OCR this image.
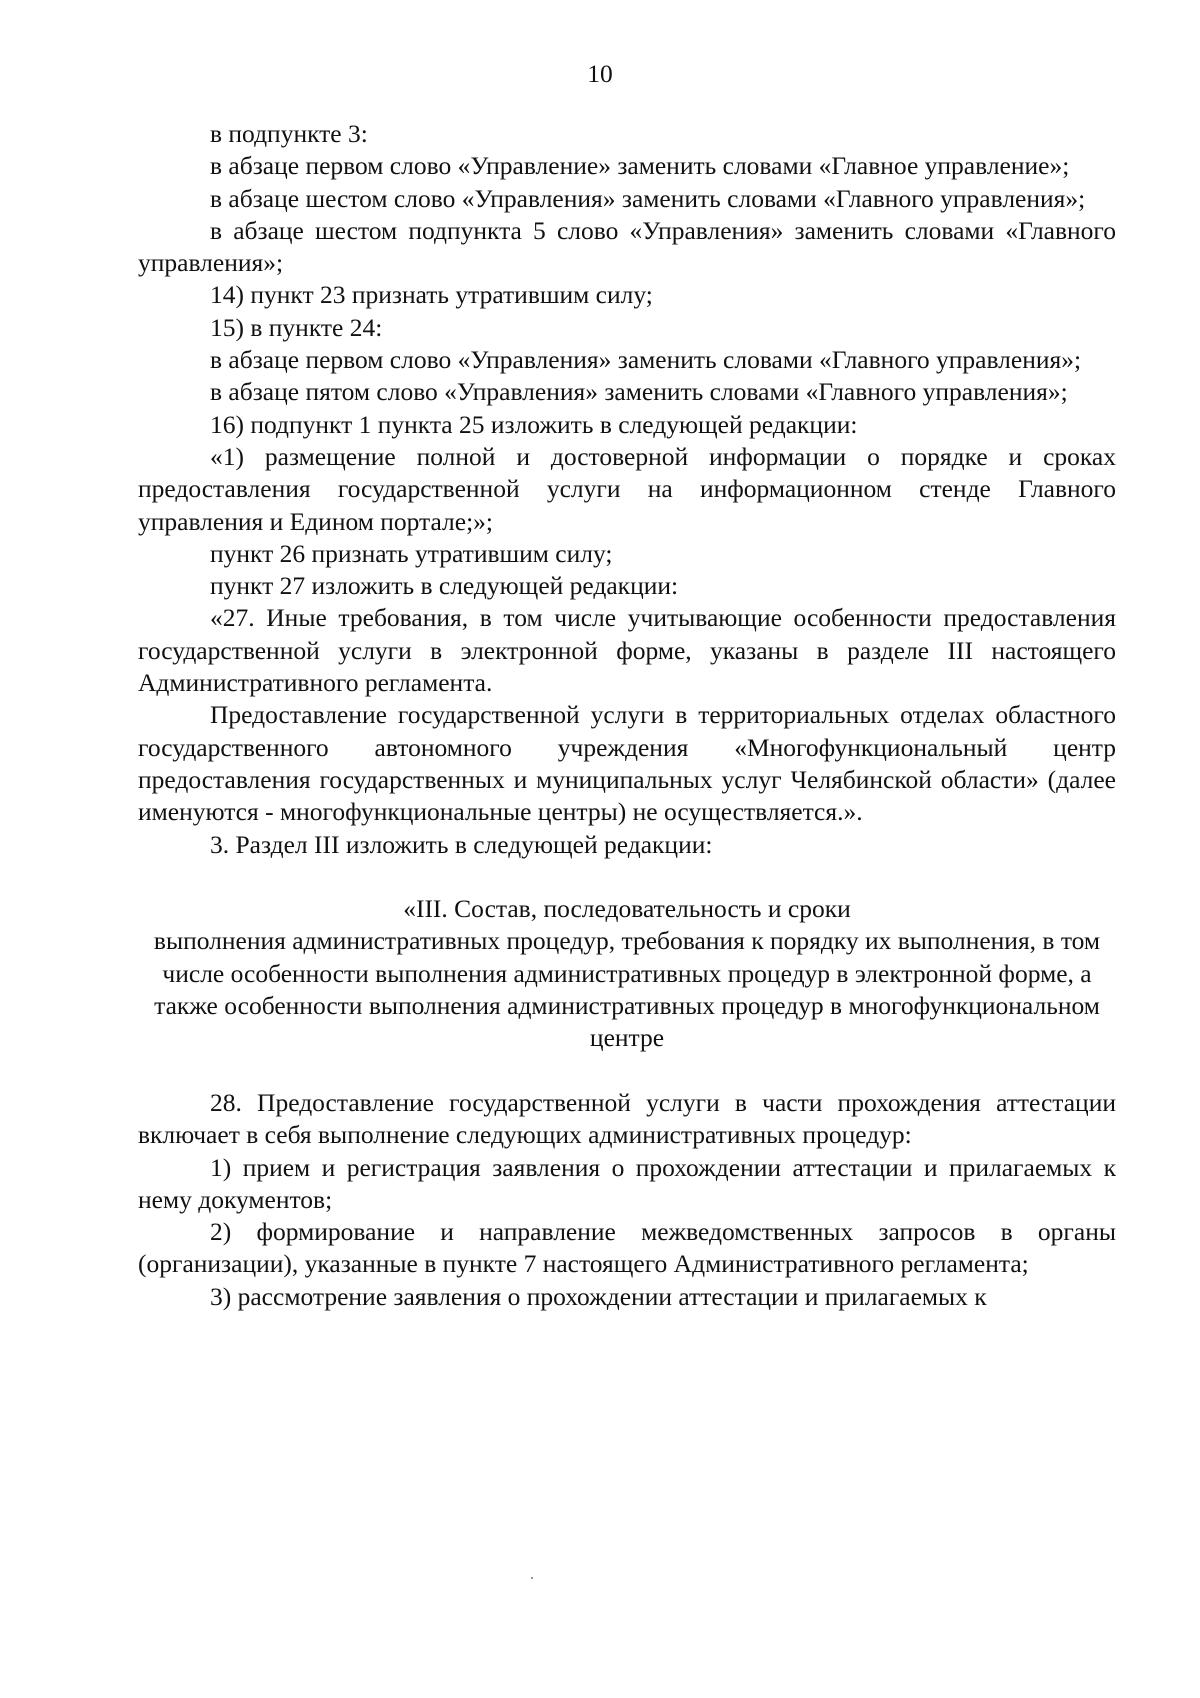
10

в подпункте 3:

в абзаце первом слово «Управление» заменить словами «Главное управление»;

в абзаце шестом слово «Управления» заменить словами «Главного управления»;

в абзаце шестом подпункта 5 слово «Управления» заменить словами «Главного управления»;

14) пункт 23 признать утратившим силу;

15) в пункте 24:

в абзаце первом слово «Управления» заменить словами «Главного управления»;

в абзаце пятом слово «Управления» заменить словами «Главного управления»;

16) подпункт 1 пункта 25 изложить в следующей редакции:

«1) размещение полной и достоверной информации о порядке и сроках предоставления государственной услуги на информационном стенде Главного управления и Едином портале;»;

пункт 26 признать утратившим силу;

пункт 27 изложить в следующей редакции:

«27. Иные требования, в том числе учитывающие особенности предоставления государственной услуги в электронной форме, указаны в разделе III настоящего Административного регламента.

Предоставление государственной услуги в территориальных отделах областного государственного автономного учреждения «Многофункциональный центр предоставления государственных и муниципальных услуг Челябинской области» (далее именуются - многофункциональные центры) не осуществляется.».

3. Раздел III изложить в следующей редакции:

«III. Состав, последовательность и сроки

выполнения административных процедур, требования к порядку их выполнения, в том числе особенности выполнения административных процедур в электронной форме, а также особенности выполнения административных процедур в многофункциональном центре

28. Предоставление государственной услуги в части прохождения аттестации включает в себя выполнение следующих административных процедур:

1) прием и регистрация заявления о прохождении аттестации и прилагаемых к нему документов;

2) формирование и направление межведомственных запросов в органы (организации), указанные в пункте 7 настоящего Административного регламента;

3) рассмотрение заявления о прохождении аттестации и прилагаемых к
